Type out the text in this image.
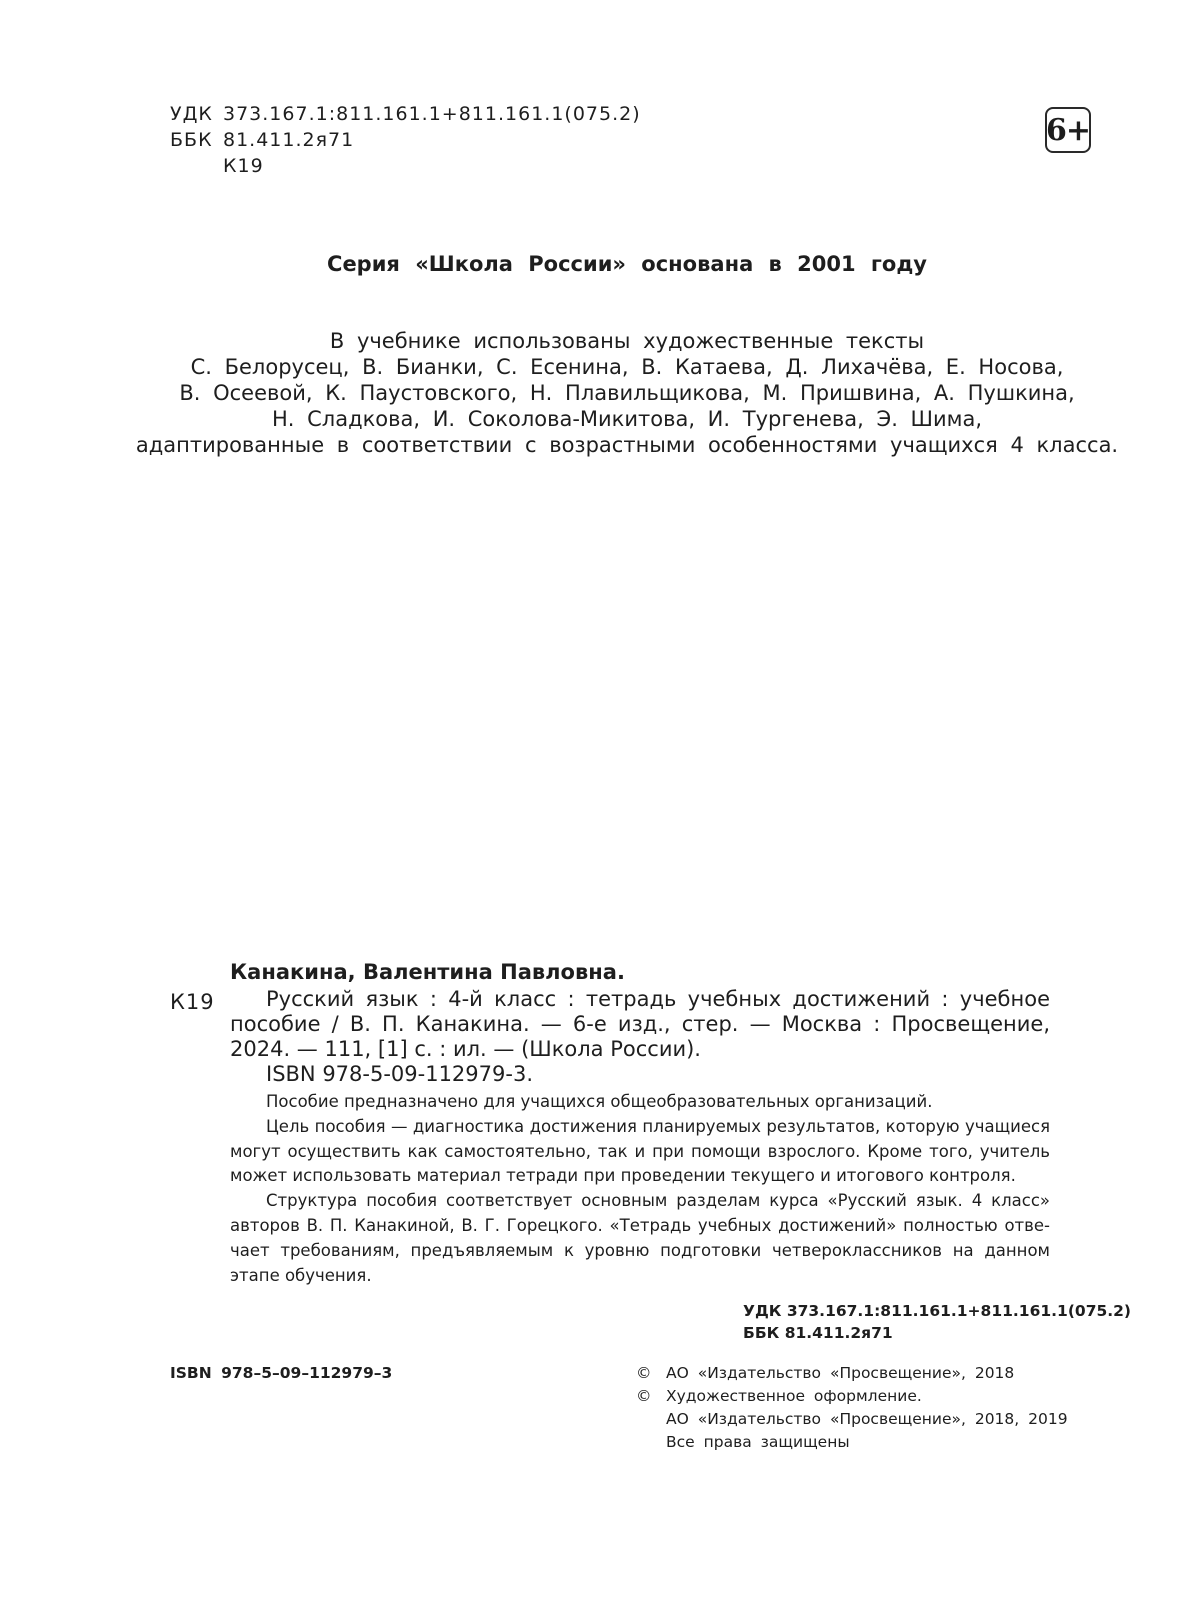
УДК 373.167.1:811.161.1+811.161.1(075.2)
ББК 81.411.2я71
К19
6+
Серия «Школа России» основана в 2001 году
В учебнике использованы художественные тексты
С. Белорусец, В. Бианки, С. Есенина, В. Катаева, Д. Лихачёва, Е. Носова,
В. Осеевой, К. Паустовского, Н. Плавильщикова, М. Пришвина, А. Пушкина,
Н. Сладкова, И. Соколова-Микитова, И. Тургенева, Э. Шима,
адаптированные в соответствии с возрастными особенностями учащихся 4 класса.
Канакина, Валентина Павловна.
К19	Русский язык : 4-й класс : тетрадь учебных достижений : учебное
пособие / В. П. Канакина. — 6-е изд., стер. — Москва : Просвещение,
2024. — 111, [1] с. : ил. — (Школа России).
ISBN 978-5-09-112979-3.
Пособие предназначено для учащихся общеобразовательных организаций.
Цель пособия — диагностика достижения планируемых результатов, которую учащиеся
могут осуществить как самостоятельно, так и при помощи взрослого. Кроме того, учитель
может использовать материал тетради при проведении текущего и итогового контроля.
Структура пособия соответствует основным разделам курса «Русский язык. 4 класс»
авторов В. П. Канакиной, В. Г. Горецкого. «Тетрадь учебных достижений» полностью отве-
чает требованиям, предъявляемым к уровню подготовки четвероклассников на данном
этапе обучения.
УДК 373.167.1:811.161.1+811.161.1(075.2)
ББК 81.411.2я71
ISBN 978–5–09–112979–3	© АО «Издательство «Просвещение», 2018
© Художественное оформление.
АО «Издательство «Просвещение», 2018, 2019
Все права защищены
